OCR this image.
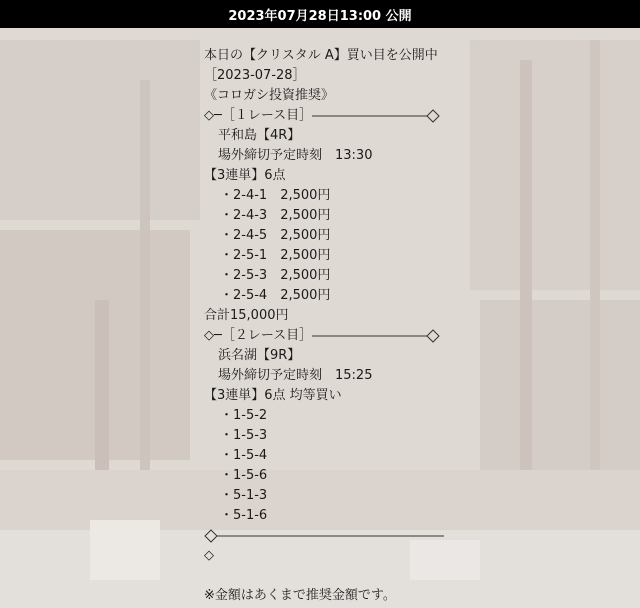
2023年07月28日13:00 公開
本日の【クリスタル A】買い目を公開中
［2023-07-28］
《コロガシ投資推奨》
◇─［１レース目］
平和島【4R】
場外締切予定時刻　13:30
【3連単】6点
・2-4-1　2,500円
・2-4-3　2,500円
・2-4-5　2,500円
・2-5-1　2,500円
・2-5-3　2,500円
・2-5-4　2,500円
合計15,000円
◇─［２レース目］
浜名湖【9R】
場外締切予定時刻　15:25
【3連単】6点 均等買い
・1-5-2
・1-5-3
・1-5-4
・1-5-6
・5-1-3
・5-1-6
◇
※金額はあくまで推奨金額です。
